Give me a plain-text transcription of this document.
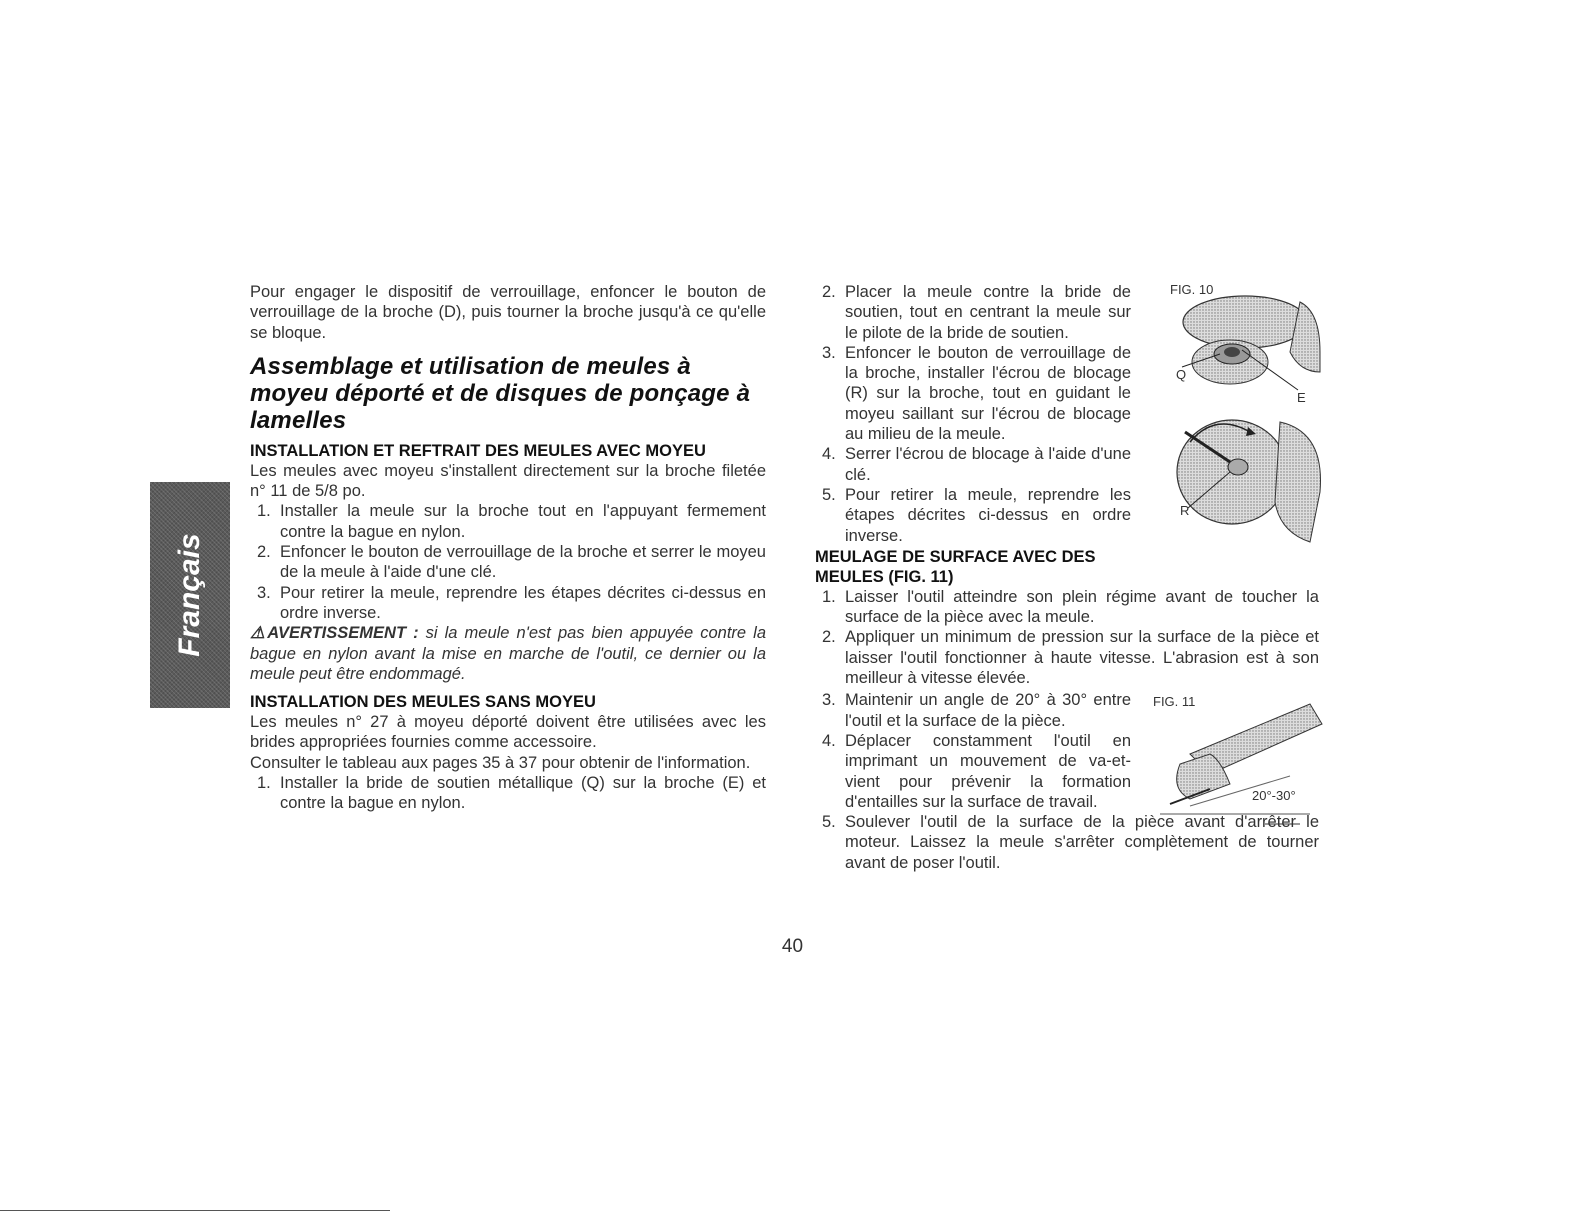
Français

Pour engager le dispositif de verrouillage, enfoncer le bouton de verrouillage de la broche (D), puis tourner la broche jusqu'à ce qu'elle se bloque.

Assemblage et utilisation de meules à moyeu déporté et de disques de ponçage à lamelles
INSTALLATION ET REFTRAIT DES MEULES AVEC MOYEU

Les meules avec moyeu s'installent directement sur la broche filetée n° 11 de 5/8 po.

1. Installer la meule sur la broche tout en l'appuyant fermement contre la bague en nylon.
2. Enfoncer le bouton de verrouillage de la broche et serrer le moyeu de la meule à l'aide d'une clé.
3. Pour retirer la meule, reprendre les étapes décrites ci-dessus en ordre inverse.

⚠AVERTISSEMENT : si la meule n'est pas bien appuyée contre la bague en nylon avant la mise en marche de l'outil, ce dernier ou la meule peut être endommagé.

INSTALLATION DES MEULES SANS MOYEU

Les meules n° 27 à moyeu déporté doivent être utilisées avec les brides appropriées fournies comme accessoire.

Consulter le tableau aux pages 35 à 37 pour obtenir de l'information.

1. Installer la bride de soutien métallique (Q) sur la broche (E) et contre la bague en nylon.
2. Placer la meule contre la bride de soutien, tout en centrant la meule sur le pilote de la bride de soutien.
3. Enfoncer le bouton de verrouillage de la broche, installer l'écrou de blocage (R) sur la broche, tout en guidant le moyeu saillant sur l'écrou de blocage au milieu de la meule.
4. Serrer l'écrou de blocage à l'aide d'une clé.
5. Pour retirer la meule, reprendre les étapes décrites ci-dessus en ordre inverse.
MEULAGE DE SURFACE AVEC DES MEULES (FIG. 11)
1. Laisser l'outil atteindre son plein régime avant de toucher la surface de la pièce avec la meule.
2. Appliquer un minimum de pression sur la surface de la pièce et laisser l'outil fonctionner à haute vitesse. L'abrasion est à son meilleur à vitesse élevée.
3. Maintenir un angle de 20° à 30° entre l'outil et la surface de la pièce.
4. Déplacer constamment l'outil en imprimant un mouvement de va-et-vient pour prévenir la formation d'entailles sur la surface de travail.
5. Soulever l'outil de la surface de la pièce avant d'arrêter le moteur. Laissez la meule s'arrêter complètement de tourner avant de poser l'outil.
FIG. 10
Q
E
R
FIG. 11
20°-30°
40
